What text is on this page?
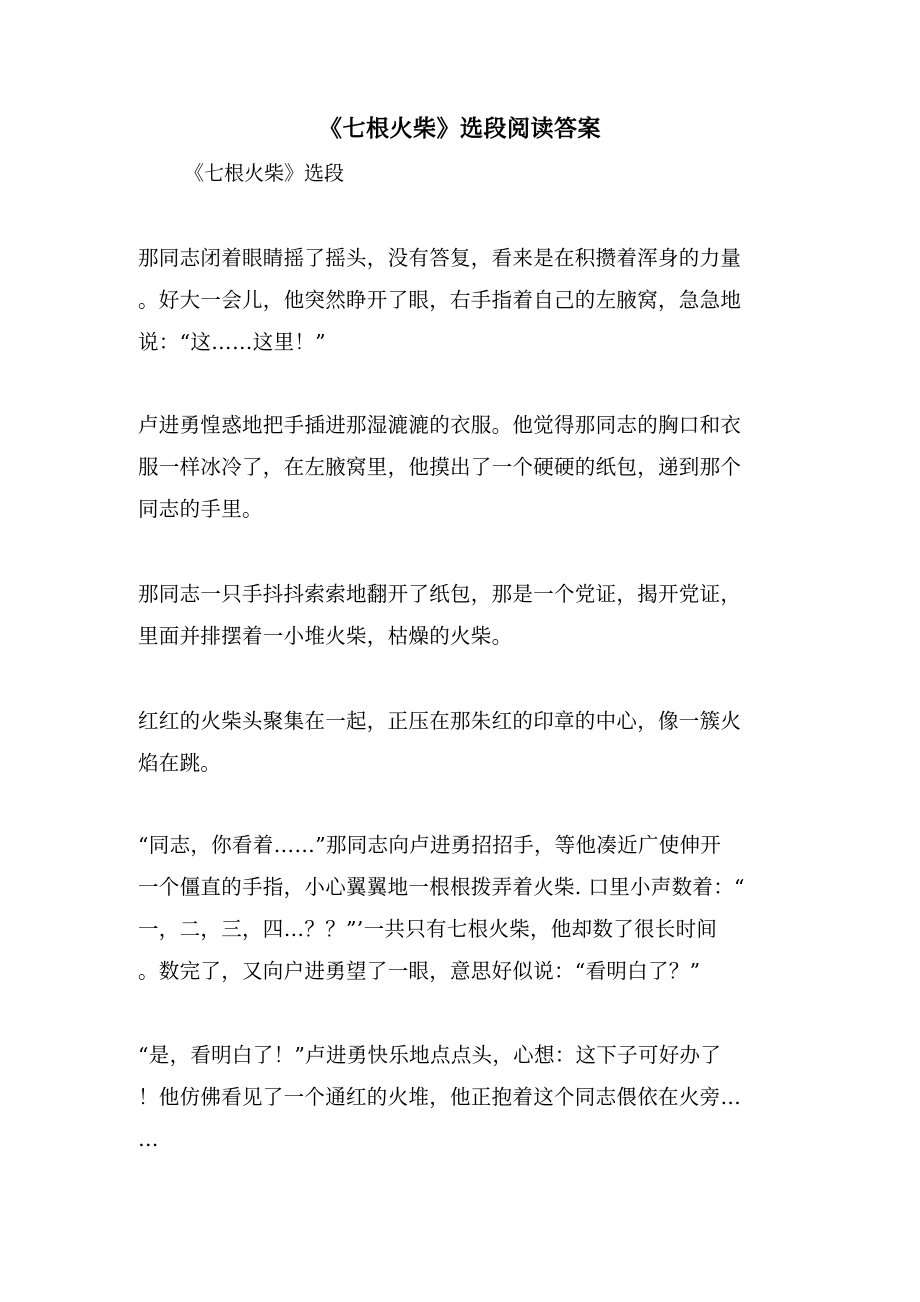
《七根火柴》选段阅读答案
《七根火柴》选段
那同志闭着眼睛摇了摇头，没有答复，看来是在积攒着浑身的力量
。好大一会儿，他突然睁开了眼，右手指着自己的左腋窝，急急地
说：“这……这里！”
卢进勇惶惑地把手插进那湿漉漉的衣服。他觉得那同志的胸口和衣
服一样冰冷了，在左腋窝里，他摸出了一个硬硬的纸包，递到那个
同志的手里。
那同志一只手抖抖索索地翻开了纸包，那是一个党证，揭开党证，
里面并排摆着一小堆火柴，枯燥的火柴。
红红的火柴头聚集在一起，正压在那朱红的印章的中心，像一簇火
焰在跳。
“同志，你看着……”那同志向卢进勇招招手，等他凑近广使伸开
一个僵直的手指，小心翼翼地一根根拨弄着火柴. 口里小声数着：“
一，二，三，四…？？”’一共只有七根火柴，他却数了很长时间
。数完了，又向户进勇望了一眼，意思好似说：“看明白了？”
“是，看明白了！”卢进勇快乐地点点头，心想：这下子可好办了
！他仿佛看见了一个通红的火堆，他正抱着这个同志偎依在火旁…
…
